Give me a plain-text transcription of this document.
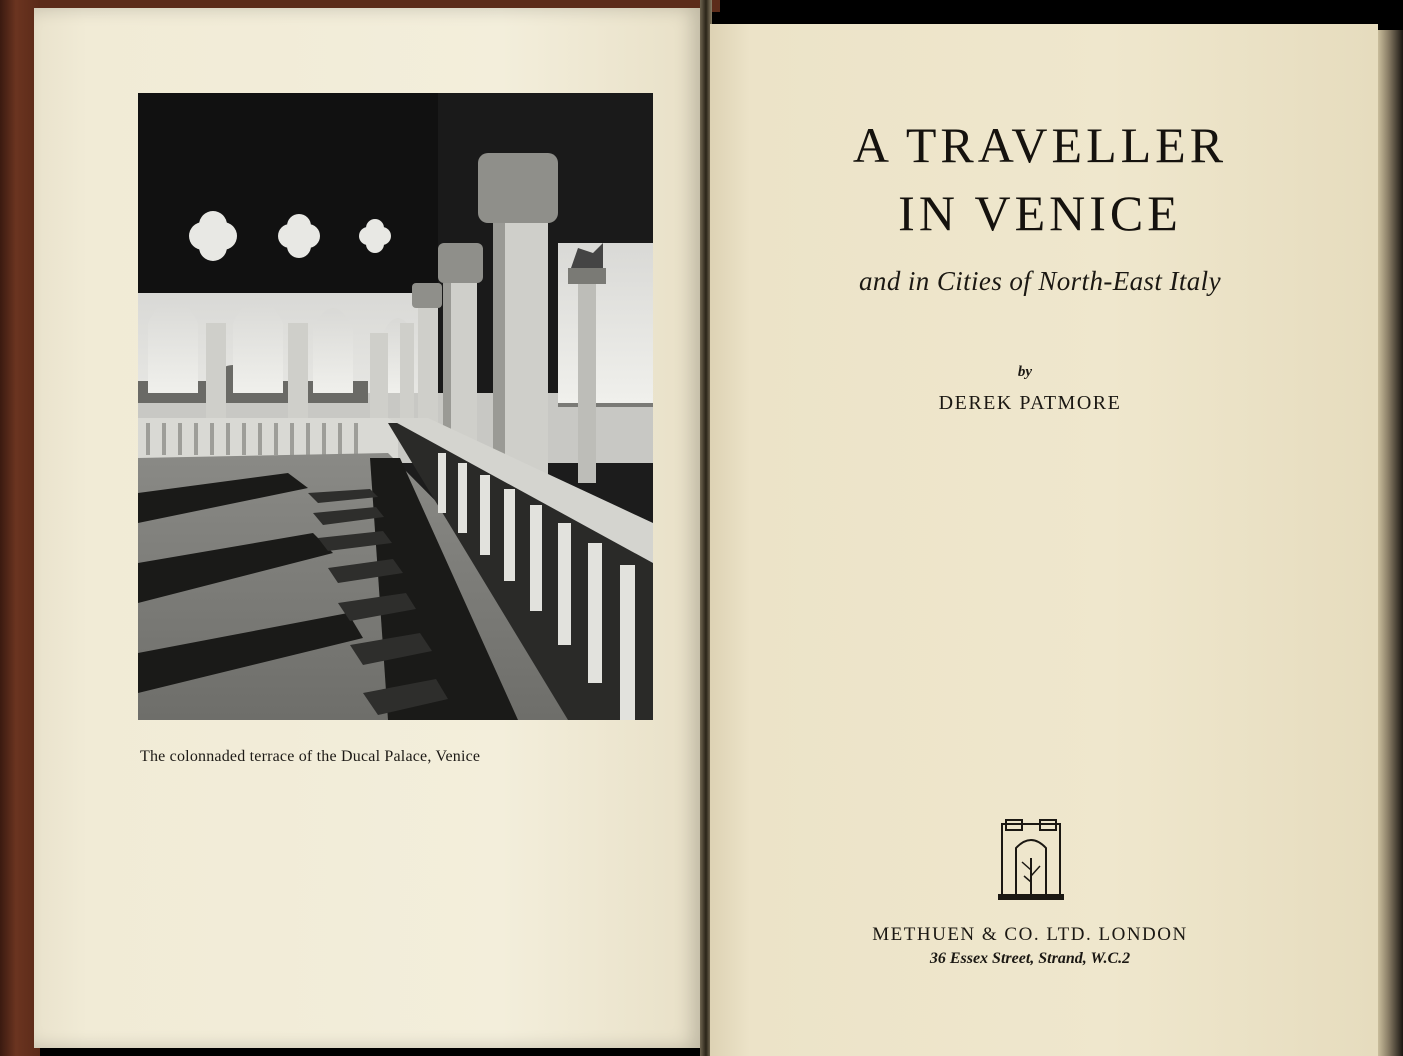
The colonnaded terrace of the Ducal Palace, Venice
A TRAVELLER
IN VENICE
and in Cities of North-East Italy
by
DEREK PATMORE
METHUEN & CO. LTD. LONDON
36 Essex Street, Strand, W.C.2
